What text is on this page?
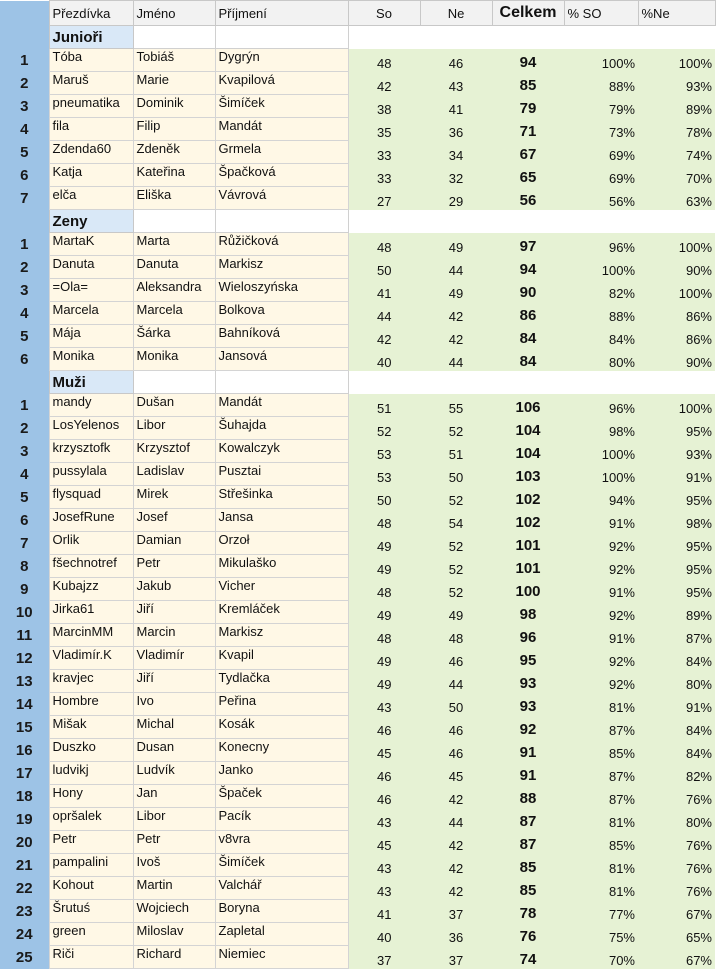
	Přezdívka	Jméno	Příjmení	So	Ne	Celkem	% SO	%Ne
	Junioři							
1	Tóba	Tobiáš	Dygrýn	48	46	94	100%	100%
2	Maruš	Marie	Kvapilová	42	43	85	88%	93%
3	pneumatika	Dominik	Šimíček	38	41	79	79%	89%
4	fila	Filip	Mandát	35	36	71	73%	78%
5	Zdenda60	Zdeněk	Grmela	33	34	67	69%	74%
6	Katja	Kateřina	Špačková	33	32	65	69%	70%
7	elča	Eliška	Vávrová	27	29	56	56%	63%
	Zeny							
1	MartaK	Marta	Růžičková	48	49	97	96%	100%
2	Danuta	Danuta	Markisz	50	44	94	100%	90%
3	=Ola=	Aleksandra	Wieloszyńska	41	49	90	82%	100%
4	Marcela	Marcela	Bolkova	44	42	86	88%	86%
5	Mája	Šárka	Bahníková	42	42	84	84%	86%
6	Monika	Monika	Jansová	40	44	84	80%	90%
	Muži							
1	mandy	Dušan	Mandát	51	55	106	96%	100%
2	LosYelenos	Libor	Šuhajda	52	52	104	98%	95%
3	krzysztofk	Krzysztof	Kowalczyk	53	51	104	100%	93%
4	pussylala	Ladislav	Pusztai	53	50	103	100%	91%
5	flysquad	Mirek	Střešinka	50	52	102	94%	95%
6	JosefRune	Josef	Jansa	48	54	102	91%	98%
7	Orlik	Damian	Orzoł	49	52	101	92%	95%
8	fšechnotref	Petr	Mikulaško	49	52	101	92%	95%
9	Kubajzz	Jakub	Vicher	48	52	100	91%	95%
10	Jirka61	Jiří	Kremláček	49	49	98	92%	89%
11	MarcinMM	Marcin	Markisz	48	48	96	91%	87%
12	Vladimír.K	Vladimír	Kvapil	49	46	95	92%	84%
13	kravjec	Jiří	Tydlačka	49	44	93	92%	80%
14	Hombre	Ivo	Peřina	43	50	93	81%	91%
15	Mišak	Michal	Kosák	46	46	92	87%	84%
16	Duszko	Dusan	Konecny	45	46	91	85%	84%
17	ludvikj	Ludvík	Janko	46	45	91	87%	82%
18	Hony	Jan	Špaček	46	42	88	87%	76%
19	opršalek	Libor	Pacík	43	44	87	81%	80%
20	Petr	Petr	v8vra	45	42	87	85%	76%
21	pampalini	Ivoš	Šimíček	43	42	85	81%	76%
22	Kohout	Martin	Valchář	43	42	85	81%	76%
23	Šrutuś	Wojciech	Boryna	41	37	78	77%	67%
24	green	Miloslav	Zapletal	40	36	76	75%	65%
25	Riči	Richard	Niemiec	37	37	74	70%	67%
